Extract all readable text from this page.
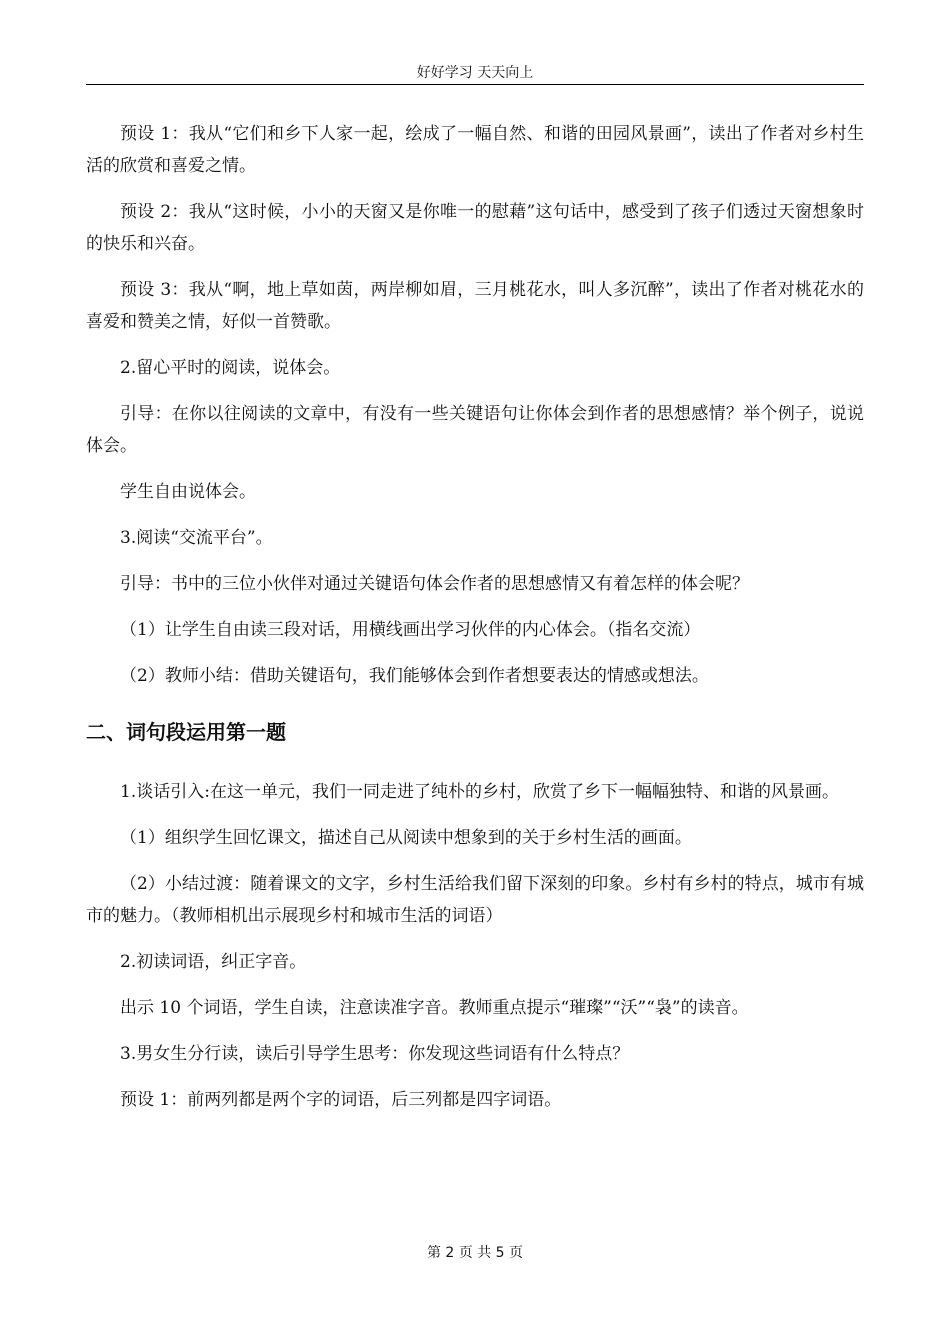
好好学习 天天向上

预设 1：我从“它们和乡下人家一起，绘成了一幅自然、和谐的田园风景画”，读出了作者对乡村生活的欣赏和喜爱之情。

预设 2：我从“这时候，小小的天窗又是你唯一的慰藉”这句话中，感受到了孩子们透过天窗想象时的快乐和兴奋。

预设 3：我从“啊，地上草如茵，两岸柳如眉，三月桃花水，叫人多沉醉”，读出了作者对桃花水的喜爱和赞美之情，好似一首赞歌。

2.留心平时的阅读，说体会。

引导：在你以往阅读的文章中，有没有一些关键语句让你体会到作者的思想感情？举个例子，说说体会。

学生自由说体会。

3.阅读“交流平台”。

引导：书中的三位小伙伴对通过关键语句体会作者的思想感情又有着怎样的体会呢？

（1）让学生自由读三段对话，用横线画出学习伙伴的内心体会。（指名交流）

（2）教师小结：借助关键语句，我们能够体会到作者想要表达的情感或想法。

二、词句段运用第一题

1.谈话引入:在这一单元，我们一同走进了纯朴的乡村，欣赏了乡下一幅幅独特、和谐的风景画。

（1）组织学生回忆课文，描述自己从阅读中想象到的关于乡村生活的画面。

（2）小结过渡：随着课文的文字，乡村生活给我们留下深刻的印象。乡村有乡村的特点，城市有城市的魅力。（教师相机出示展现乡村和城市生活的词语）

2.初读词语，纠正字音。

出示 10 个词语，学生自读，注意读准字音。教师重点提示“璀璨”“沃”“袅”的读音。

3.男女生分行读，读后引导学生思考：你发现这些词语有什么特点？

预设 1：前两列都是两个字的词语，后三列都是四字词语。

第 2 页 共 5 页
